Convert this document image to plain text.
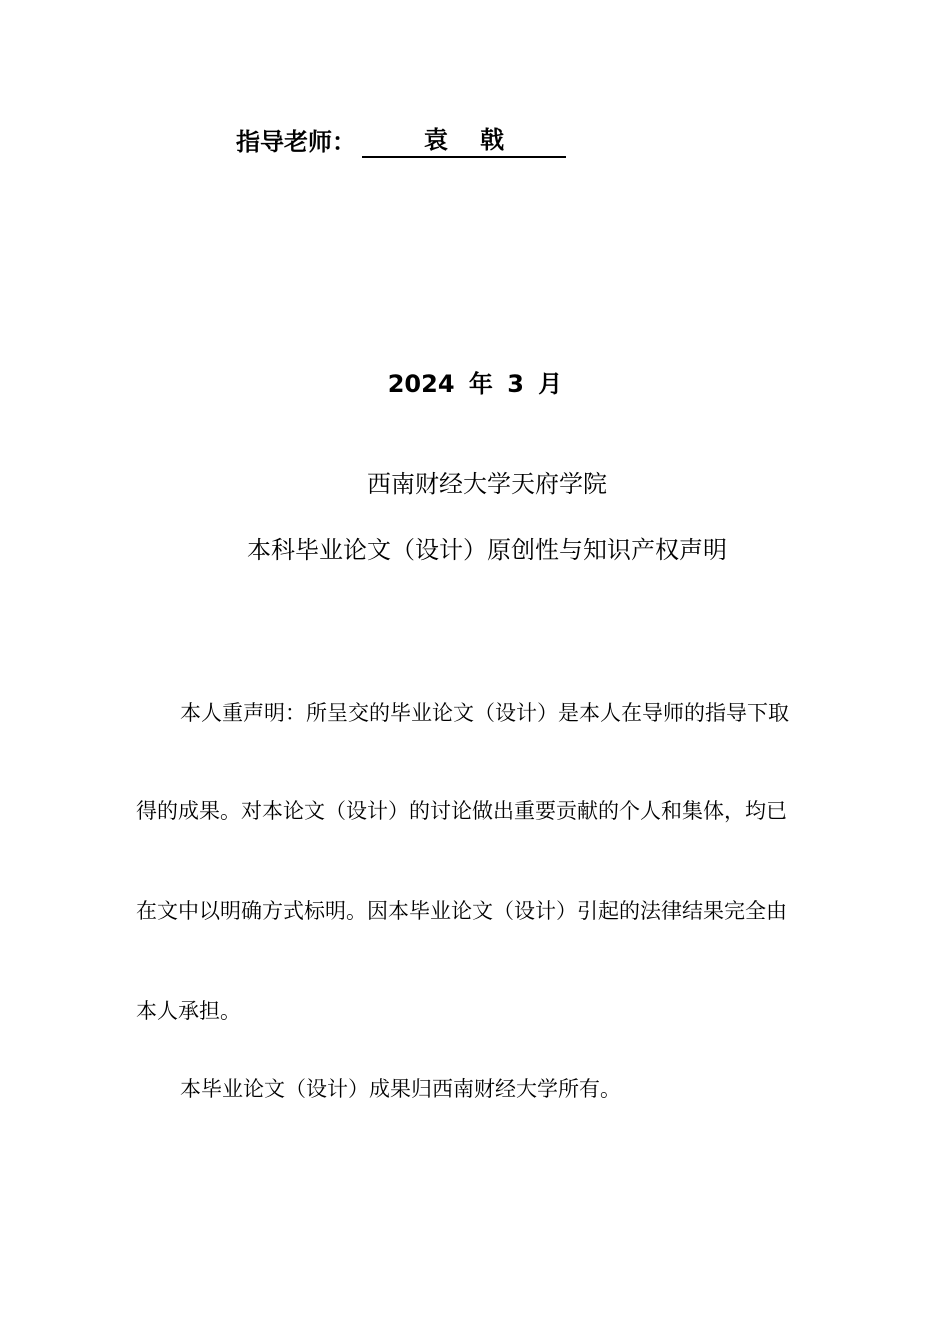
指导老师：	袁 戟
2024 年 3 月
西南财经大学天府学院
本科毕业论文（设计）原创性与知识产权声明
本人重声明：所呈交的毕业论文（设计）是本人在导师的指导下取
得的成果。对本论文（设计）的讨论做出重要贡献的个人和集体，均已
在文中以明确方式标明。因本毕业论文（设计）引起的法律结果完全由
本人承担。
本毕业论文（设计）成果归西南财经大学所有。
